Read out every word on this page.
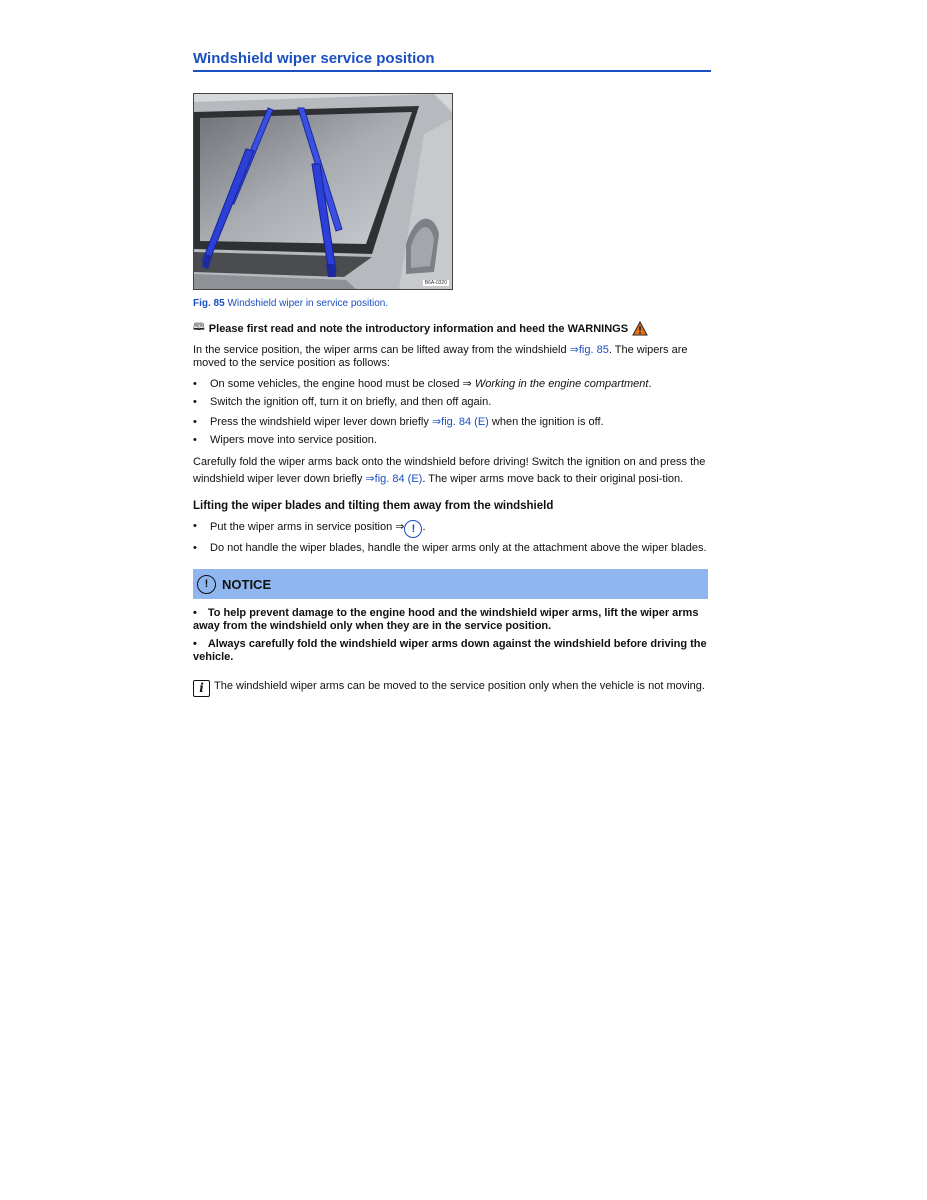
Windshield wiper service position
B6A-0320
Fig. 85 Windshield wiper in service position.
🕮 Please first read and note the introductory information and heed the WARNINGS

In the service position, the wiper arms can be lifted away from the windshield ⇒fig. 85. The wipers are moved to the service position as follows:

• On some vehicles, the engine hood must be closed ⇒ Working in the engine compartment.
• Switch the ignition off, turn it on briefly, and then off again.
• Press the windshield wiper lever down briefly ⇒fig. 84 (E) when the ignition is off.
• Wipers move into service position.

Carefully fold the wiper arms back onto the windshield before driving! Switch the ignition on and press the windshield wiper lever down briefly ⇒fig. 84 (E). The wiper arms move back to their original posi-tion.

Lifting the wiper blades and tilting them away from the windshield
• Put the wiper arms in service position ⇒ ! .
• Do not handle the wiper blades, handle the wiper arms only at the attachment above the wiper blades.
!	NOTICE

• To help prevent damage to the engine hood and the windshield wiper arms, lift the wiper arms away from the windshield only when they are in the service position.

• Always carefully fold the windshield wiper arms down against the windshield before driving the vehicle.

i The windshield wiper arms can be moved to the service position only when the vehicle is not moving.
